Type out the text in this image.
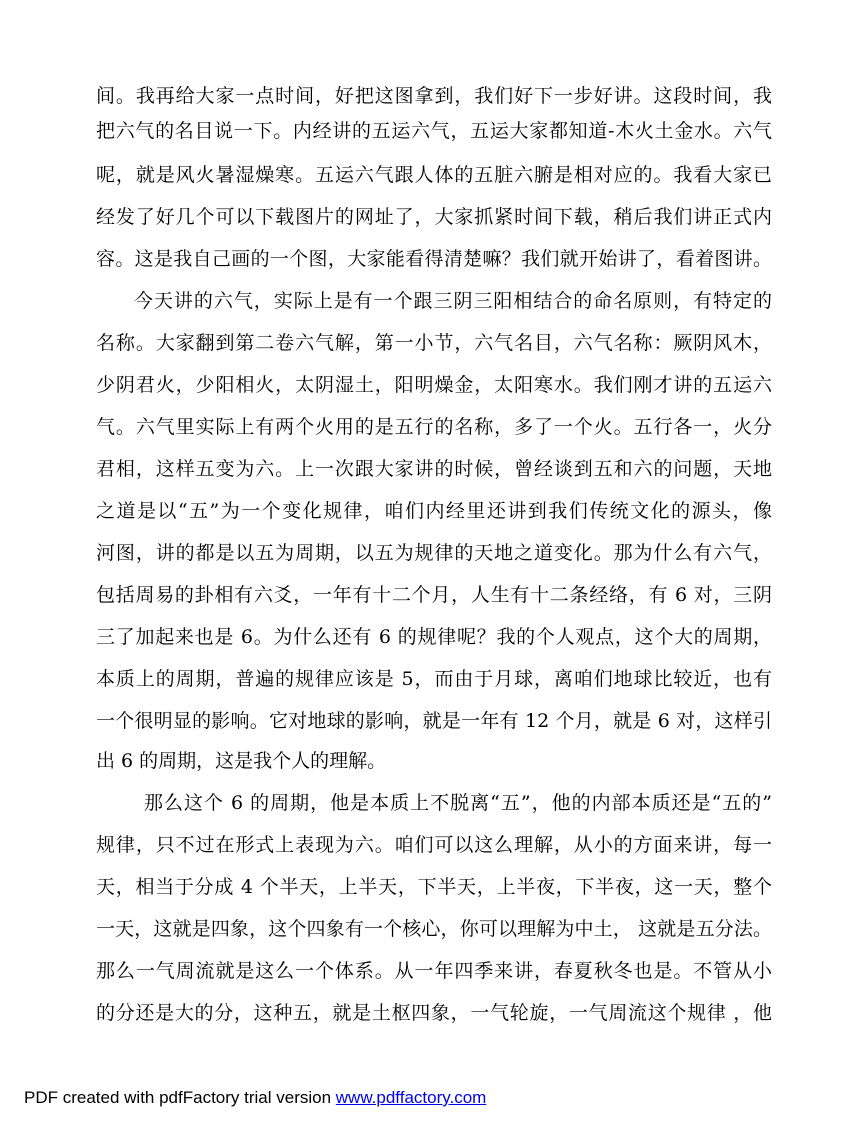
间。我再给大家一点时间，好把这图拿到，我们好下一步好讲。这段时间，我
把六气的名目说一下。内经讲的五运六气，五运大家都知道-木火土金水。六气
呢，就是风火暑湿燥寒。五运六气跟人体的五脏六腑是相对应的。我看大家已
经发了好几个可以下载图片的网址了，大家抓紧时间下载，稍后我们讲正式内
容。这是我自己画的一个图，大家能看得清楚嘛？我们就开始讲了，看着图讲。
今天讲的六气，实际上是有一个跟三阴三阳相结合的命名原则，有特定的
名称。大家翻到第二卷六气解，第一小节，六气名目，六气名称：厥阴风木，
少阴君火，少阳相火，太阴湿土，阳明燥金，太阳寒水。我们刚才讲的五运六
气。六气里实际上有两个火用的是五行的名称，多了一个火。五行各一，火分
君相，这样五变为六。上一次跟大家讲的时候，曾经谈到五和六的问题，天地
之道是以“五”为一个变化规律，咱们内经里还讲到我们传统文化的源头，像
河图，讲的都是以五为周期，以五为规律的天地之道变化。那为什么有六气，
包括周易的卦相有六爻，一年有十二个月，人生有十二条经络，有 6 对，三阴
三了加起来也是 6。为什么还有 6 的规律呢？我的个人观点，这个大的周期，
本质上的周期，普遍的规律应该是 5，而由于月球，离咱们地球比较近，也有
一个很明显的影响。它对地球的影响，就是一年有 12 个月，就是 6 对，这样引
出 6 的周期，这是我个人的理解。
那么这个 6 的周期，他是本质上不脱离“五”，他的内部本质还是“五的”
规律，只不过在形式上表现为六。咱们可以这么理解，从小的方面来讲，每一
天，相当于分成 4 个半天，上半天，下半天，上半夜，下半夜，这一天，整个
一天，这就是四象，这个四象有一个核心，你可以理解为中土， 这就是五分法。
那么一气周流就是这么一个体系。从一年四季来讲，春夏秋冬也是。不管从小
的分还是大的分，这种五，就是土枢四象，一气轮旋，一气周流这个规律 ，他
PDF created with pdfFactory trial version www.pdffactory.com
